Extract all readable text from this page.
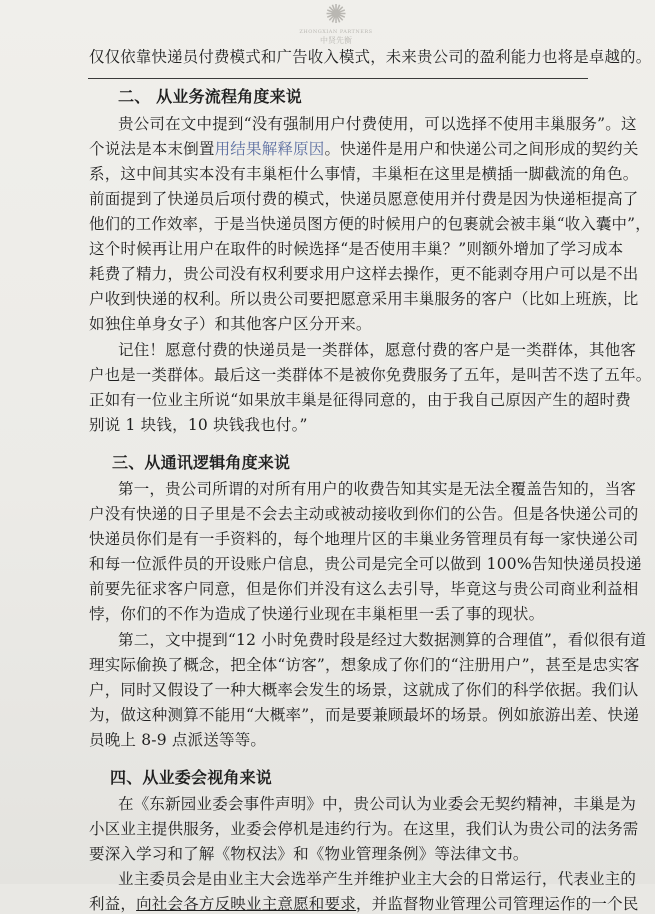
✺
ZHONGXIAN PARTNERS
中贤先衡
仅仅依靠快递员付费模式和广告收入模式，未来贵公司的盈利能力也将是卓越的。
二、 从业务流程角度来说
贵公司在文中提到“没有强制用户付费使用，可以选择不使用丰巢服务”。这
个说法是本末倒置用结果解释原因。快递件是用户和快递公司之间形成的契约关
系，这中间其实本没有丰巢柜什么事情，丰巢柜在这里是横插一脚截流的角色。
前面提到了快递员后项付费的模式，快递员愿意使用并付费是因为快递柜提高了
他们的工作效率，于是当快递员图方便的时候用户的包裹就会被丰巢“收入囊中”，
这个时候再让用户在取件的时候选择“是否使用丰巢？”则额外增加了学习成本
耗费了精力，贵公司没有权利要求用户这样去操作，更不能剥夺用户可以是不出
户收到快递的权利。所以贵公司要把愿意采用丰巢服务的客户（比如上班族，比
如独住单身女子）和其他客户区分开来。
记住！愿意付费的快递员是一类群体，愿意付费的客户是一类群体，其他客
户也是一类群体。最后这一类群体不是被你免费服务了五年，是叫苦不迭了五年。
正如有一位业主所说“如果放丰巢是征得同意的，由于我自己原因产生的超时费
别说 1 块钱，10 块钱我也付。”
三、从通讯逻辑角度来说
第一，贵公司所谓的对所有用户的收费告知其实是无法全覆盖告知的，当客
户没有快递的日子里是不会去主动或被动接收到你们的公告。但是各快递公司的
快递员你们是有一手资料的，每个地理片区的丰巢业务管理员有每一家快递公司
和每一位派件员的开设账户信息，贵公司是完全可以做到 100%告知快递员投递
前要先征求客户同意，但是你们并没有这么去引导，毕竟这与贵公司商业利益相
悖，你们的不作为造成了快递行业现在丰巢柜里一丢了事的现状。
第二，文中提到“12 小时免费时段是经过大数据测算的合理值”，看似很有道
理实际偷换了概念，把全体“访客”，想象成了你们的“注册用户”，甚至是忠实客
户，同时又假设了一种大概率会发生的场景，这就成了你们的科学依据。我们认
为，做这种测算不能用“大概率”，而是要兼顾最坏的场景。例如旅游出差、快递
员晚上 8-9 点派送等等。
四、从业委会视角来说
在《东新园业委会事件声明》中，贵公司认为业委会无契约精神，丰巢是为
小区业主提供服务，业委会停机是违约行为。在这里，我们认为贵公司的法务需
要深入学习和了解《物权法》和《物业管理条例》等法律文书。
业主委员会是由业主大会选举产生并维护业主大会的日常运行，代表业主的
利益，向社会各方反映业主意愿和要求，并监督物业管理公司管理运作的一个民
